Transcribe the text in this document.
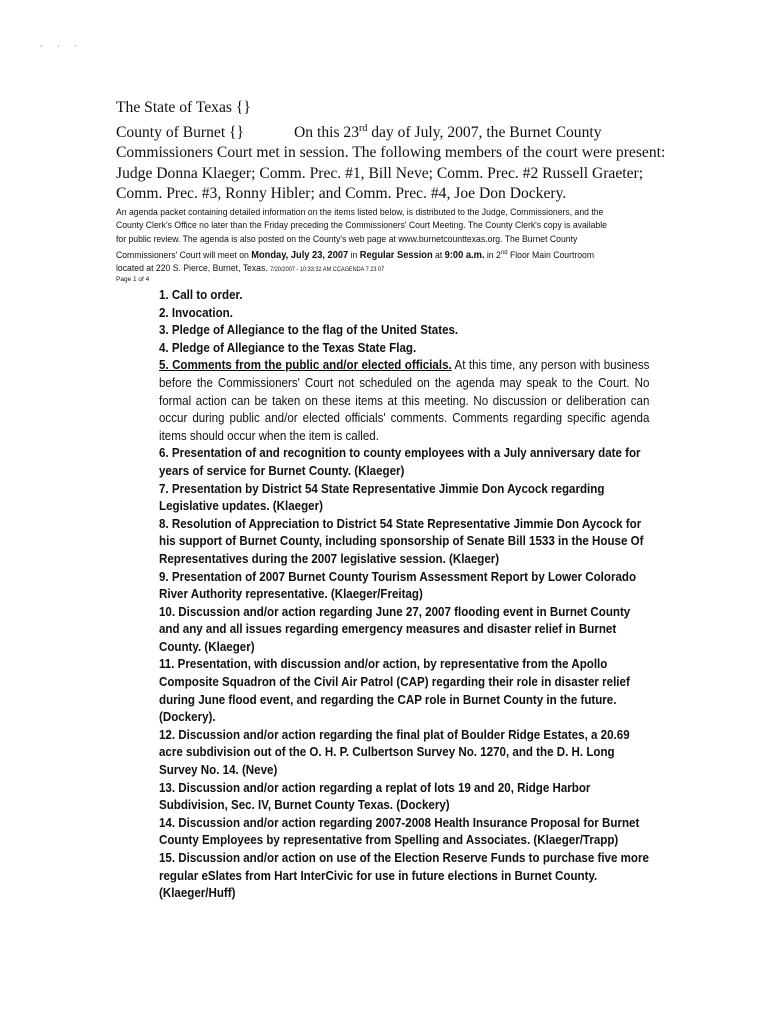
· · ·
The State of Texas {}
County of Burnet {}	On this 23rd day of July, 2007, the Burnet County
Commissioners Court met in session. The following members of the court were present:
Judge Donna Klaeger; Comm. Prec. #1, Bill Neve; Comm. Prec. #2 Russell Graeter;
Comm. Prec. #3, Ronny Hibler; and Comm. Prec. #4, Joe Don Dockery.
An agenda packet containing detailed information on the items listed below, is distributed to the Judge, Commissioners, and the County Clerk's Office no later than the Friday preceding the Commissioners' Court Meeting. The County Clerk's copy is available for public review. The agenda is also posted on the County's web page at www.burnetcounttexas.org. The Burnet County Commissioners' Court will meet on Monday, July 23, 2007 in Regular Session at 9:00 a.m. in 2nd Floor Main Courtroom located at 220 S. Pierce, Burnet, Texas. 7/20/2007 - 10:33:32 AM CCAGENDA 7 23 07
Page 1 of 4
1. Call to order.
2. Invocation.
3. Pledge of Allegiance to the flag of the United States.
4. Pledge of Allegiance to the Texas State Flag.
5. Comments from the public and/or elected officials. At this time, any person with business before the Commissioners' Court not scheduled on the agenda may speak to the Court. No formal action can be taken on these items at this meeting. No discussion or deliberation can occur during public and/or elected officials' comments. Comments regarding specific agenda items should occur when the item is called.
6. Presentation of and recognition to county employees with a July anniversary date for years of service for Burnet County. (Klaeger)
7. Presentation by District 54 State Representative Jimmie Don Aycock regarding Legislative updates. (Klaeger)
8. Resolution of Appreciation to District 54 State Representative Jimmie Don Aycock for his support of Burnet County, including sponsorship of Senate Bill 1533 in the House Of Representatives during the 2007 legislative session. (Klaeger)
9. Presentation of 2007 Burnet County Tourism Assessment Report by Lower Colorado River Authority representative. (Klaeger/Freitag)
10. Discussion and/or action regarding June 27, 2007 flooding event in Burnet County and any and all issues regarding emergency measures and disaster relief in Burnet County. (Klaeger)
11. Presentation, with discussion and/or action, by representative from the Apollo Composite Squadron of the Civil Air Patrol (CAP) regarding their role in disaster relief during June flood event, and regarding the CAP role in Burnet County in the future. (Dockery).
12. Discussion and/or action regarding the final plat of Boulder Ridge Estates, a 20.69 acre subdivision out of the O. H. P. Culbertson Survey No. 1270, and the D. H. Long Survey No. 14. (Neve)
13. Discussion and/or action regarding a replat of lots 19 and 20, Ridge Harbor Subdivision, Sec. IV, Burnet County Texas. (Dockery)
14. Discussion and/or action regarding 2007-2008 Health Insurance Proposal for Burnet County Employees by representative from Spelling and Associates. (Klaeger/Trapp)
15. Discussion and/or action on use of the Election Reserve Funds to purchase five more regular eSlates from Hart InterCivic for use in future elections in Burnet County. (Klaeger/Huff)
